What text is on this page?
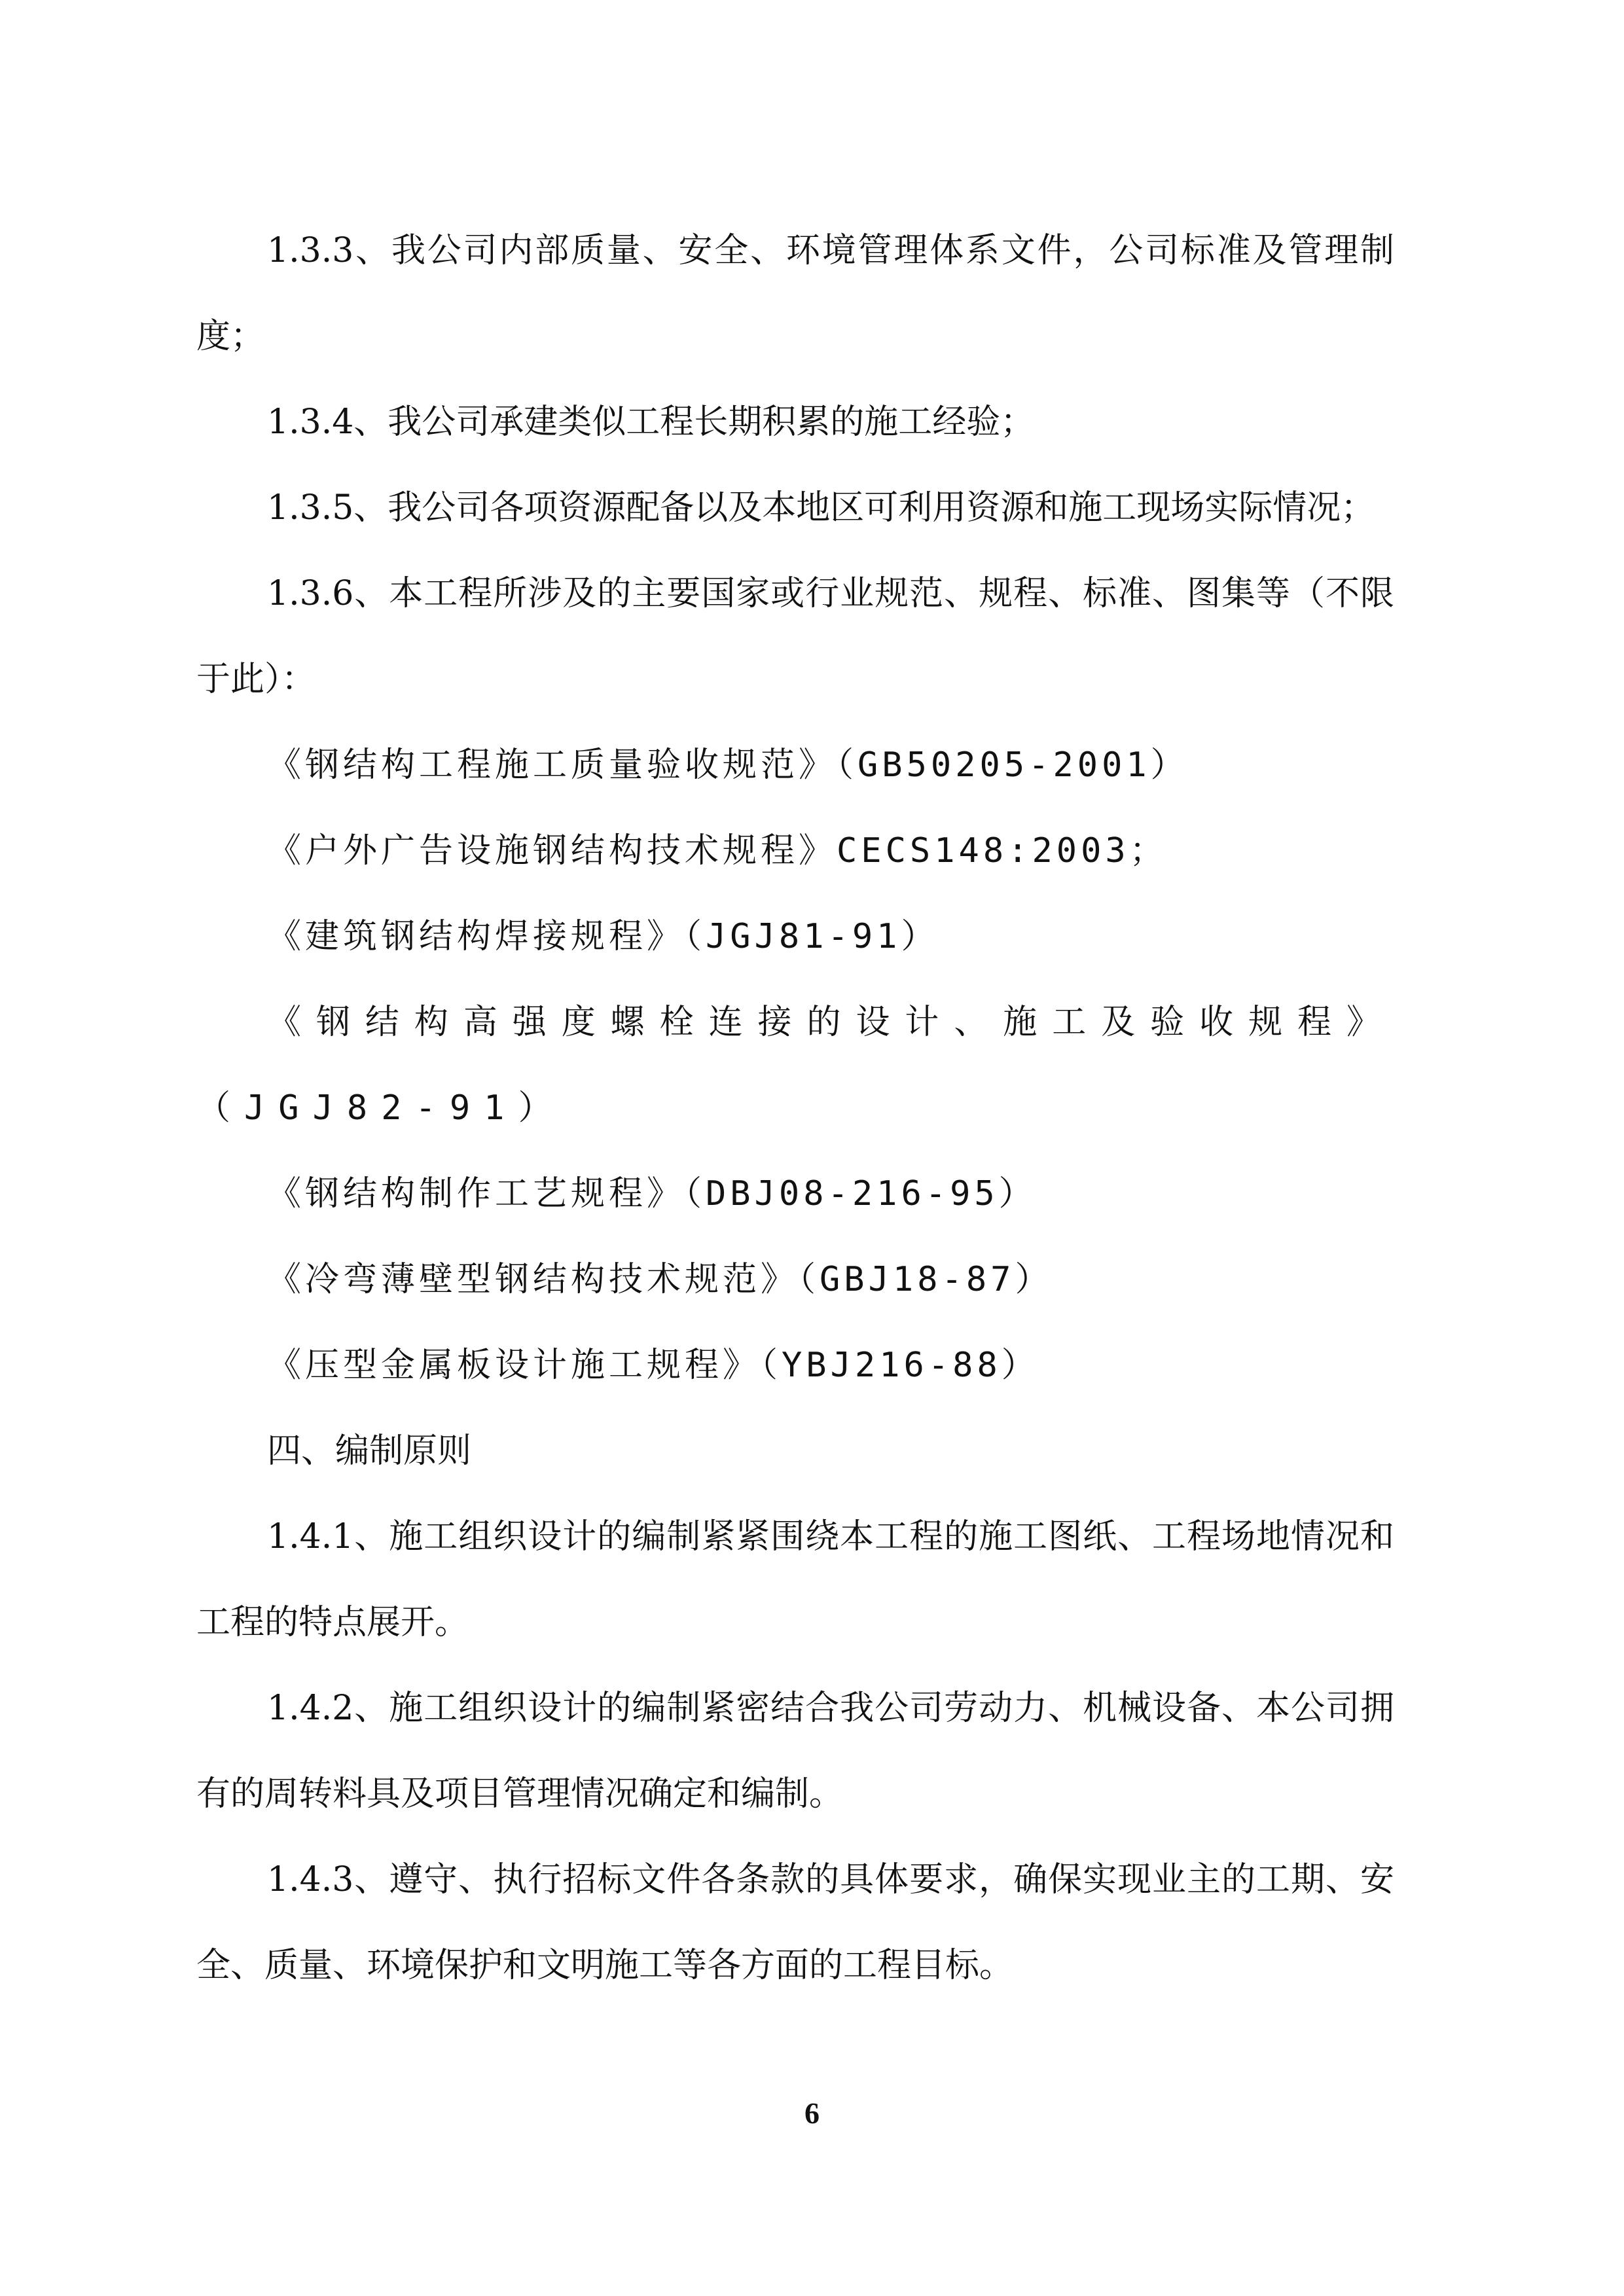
1.3.3、我公司内部质量、安全、环境管理体系文件，公司标准及管理制度；

1.3.4、我公司承建类似工程长期积累的施工经验；

1.3.5、我公司各项资源配备以及本地区可利用资源和施工现场实际情况；

1.3.6、本工程所涉及的主要国家或行业规范、规程、标准、图集等（不限于此）：

《钢结构工程施工质量验收规范》（GB50205-2001）

《户外广告设施钢结构技术规程》CECS148:2003；

《建筑钢结构焊接规程》（JGJ81-91）

《钢结构高强度螺栓连接的设计、施工及验收规程》（JGJ82-91）

《钢结构制作工艺规程》（DBJ08-216-95）

《冷弯薄壁型钢结构技术规范》（GBJ18-87）

《压型金属板设计施工规程》（YBJ216-88）

四、编制原则

1.4.1、施工组织设计的编制紧紧围绕本工程的施工图纸、工程场地情况和工程的特点展开。

1.4.2、施工组织设计的编制紧密结合我公司劳动力、机械设备、本公司拥有的周转料具及项目管理情况确定和编制。

1.4.3、遵守、执行招标文件各条款的具体要求，确保实现业主的工期、安全、质量、环境保护和文明施工等各方面的工程目标。

6
